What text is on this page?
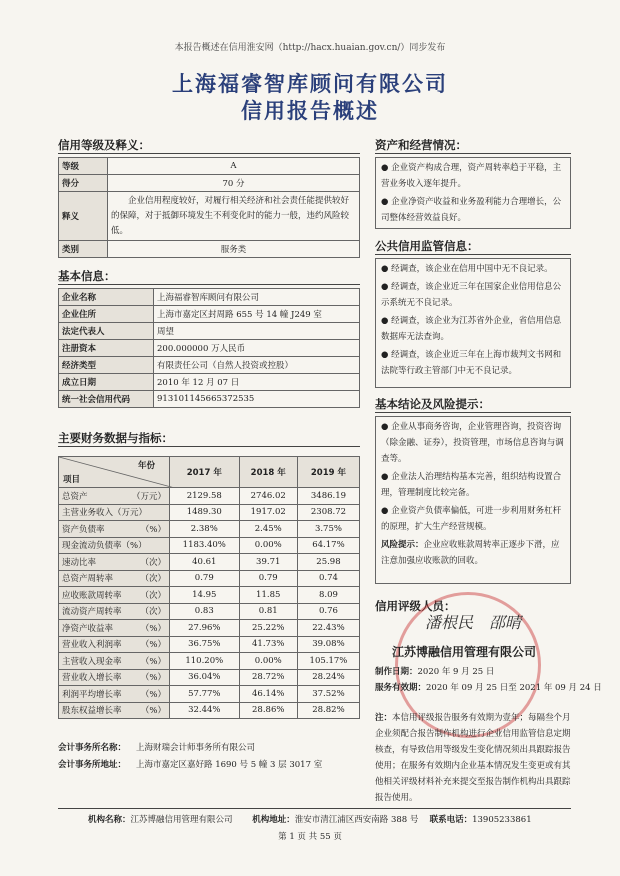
本报告概述在信用淮安网（http://hacx.huaian.gov.cn/）同步发布
上海福睿智库顾问有限公司
信用报告概述
信用等级及释义：
等级	A
得分	70 分
释义	企业信用程度较好，对履行相关经济和社会责任能提供较好的保障，对于抵御环境发生不利变化时的能力一般，违约风险较低。
类别	服务类
基本信息：
企业名称	上海福睿智库顾问有限公司
企业住所	上海市嘉定区封周路 655 号 14 幢 J249 室
法定代表人	周望
注册资本	200.000000 万人民币
经济类型	有限责任公司（自然人投资或控股）
成立日期	2010 年 12 月 07 日
统一社会信用代码	913101145665372535
主要财务数据与指标：
年份
项目	2017 年	2018 年	2019 年
总资产 （万元）	2129.58	2746.02	3486.19
主营业务收入（万元）	1489.30	1917.02	2308.72
资产负债率 （%）	2.38%	2.45%	3.75%
现金流动负债率（%）	1183.40%	0.00%	64.17%
速动比率 （次）	40.61	39.71	25.98
总资产周转率 （次）	0.79	0.79	0.74
应收账款周转率 （次）	14.95	11.85	8.09
流动资产周转率 （次）	0.83	0.81	0.76
净资产收益率 （%）	27.96%	25.22%	22.43%
营业收入利润率 （%）	36.75%	41.73%	39.08%
主营收入现金率 （%）	110.20%	0.00%	105.17%
营业收入增长率 （%）	36.04%	28.72%	28.24%
利润平均增长率 （%）	57.77%	46.14%	37.52%
股东权益增长率 （%）	32.44%	28.86%	28.82%
会计事务所名称： 上海财瑞会计师事务所有限公司
会计事务所地址： 上海市嘉定区嘉好路 1690 号 5 幢 3 层 3017 室
资产和经营情况：

● 企业资产构成合理，资产周转率趋于平稳，主营业务收入逐年提升。

● 企业净资产收益和业务盈利能力合理增长，公司整体经营效益良好。

公共信用监管信息：

● 经调查，该企业在信用中国中无不良记录。

● 经调查，该企业近三年在国家企业信用信息公示系统无不良记录。

● 经调查，该企业为江苏省外企业，省信用信息数据库无法查询。

● 经调查，该企业近三年在上海市裁判文书网和法院等行政主管部门中无不良记录。

基本结论及风险提示：

● 企业从事商务咨询，企业管理咨询，投资咨询（除金融、证券），投资管理，市场信息咨询与调查等。

● 企业法人治理结构基本完善，组织结构设置合理，管理制度比较完备。

● 企业资产负债率偏低，可进一步利用财务杠杆的原理，扩大生产经营规模。

风险提示：企业应收账款周转率正逐步下滑，应注意加强应收账款的回收。

信用评级人员：
潘根民　邵晴
江苏博融信用管理有限公司
制作日期：2020 年 9 月 25 日
服务有效期：2020 年 09 月 25 日至 2021 年 09 月 24 日
注：本信用评级报告服务有效期为壹年；每隔叁个月企业须配合报告制作机构进行企业信用监管信息定期核查，有导致信用等级发生变化情况须出具跟踪报告使用；在服务有效期内企业基本情况发生变更或有其他相关评级材料补充来提交至报告制作机构出具跟踪报告使用。
机构名称：江苏博融信用管理有限公司　　 机构地址：淮安市清江浦区西安南路 388 号　 联系电话：13905233861
第 1 页 共 55 页
